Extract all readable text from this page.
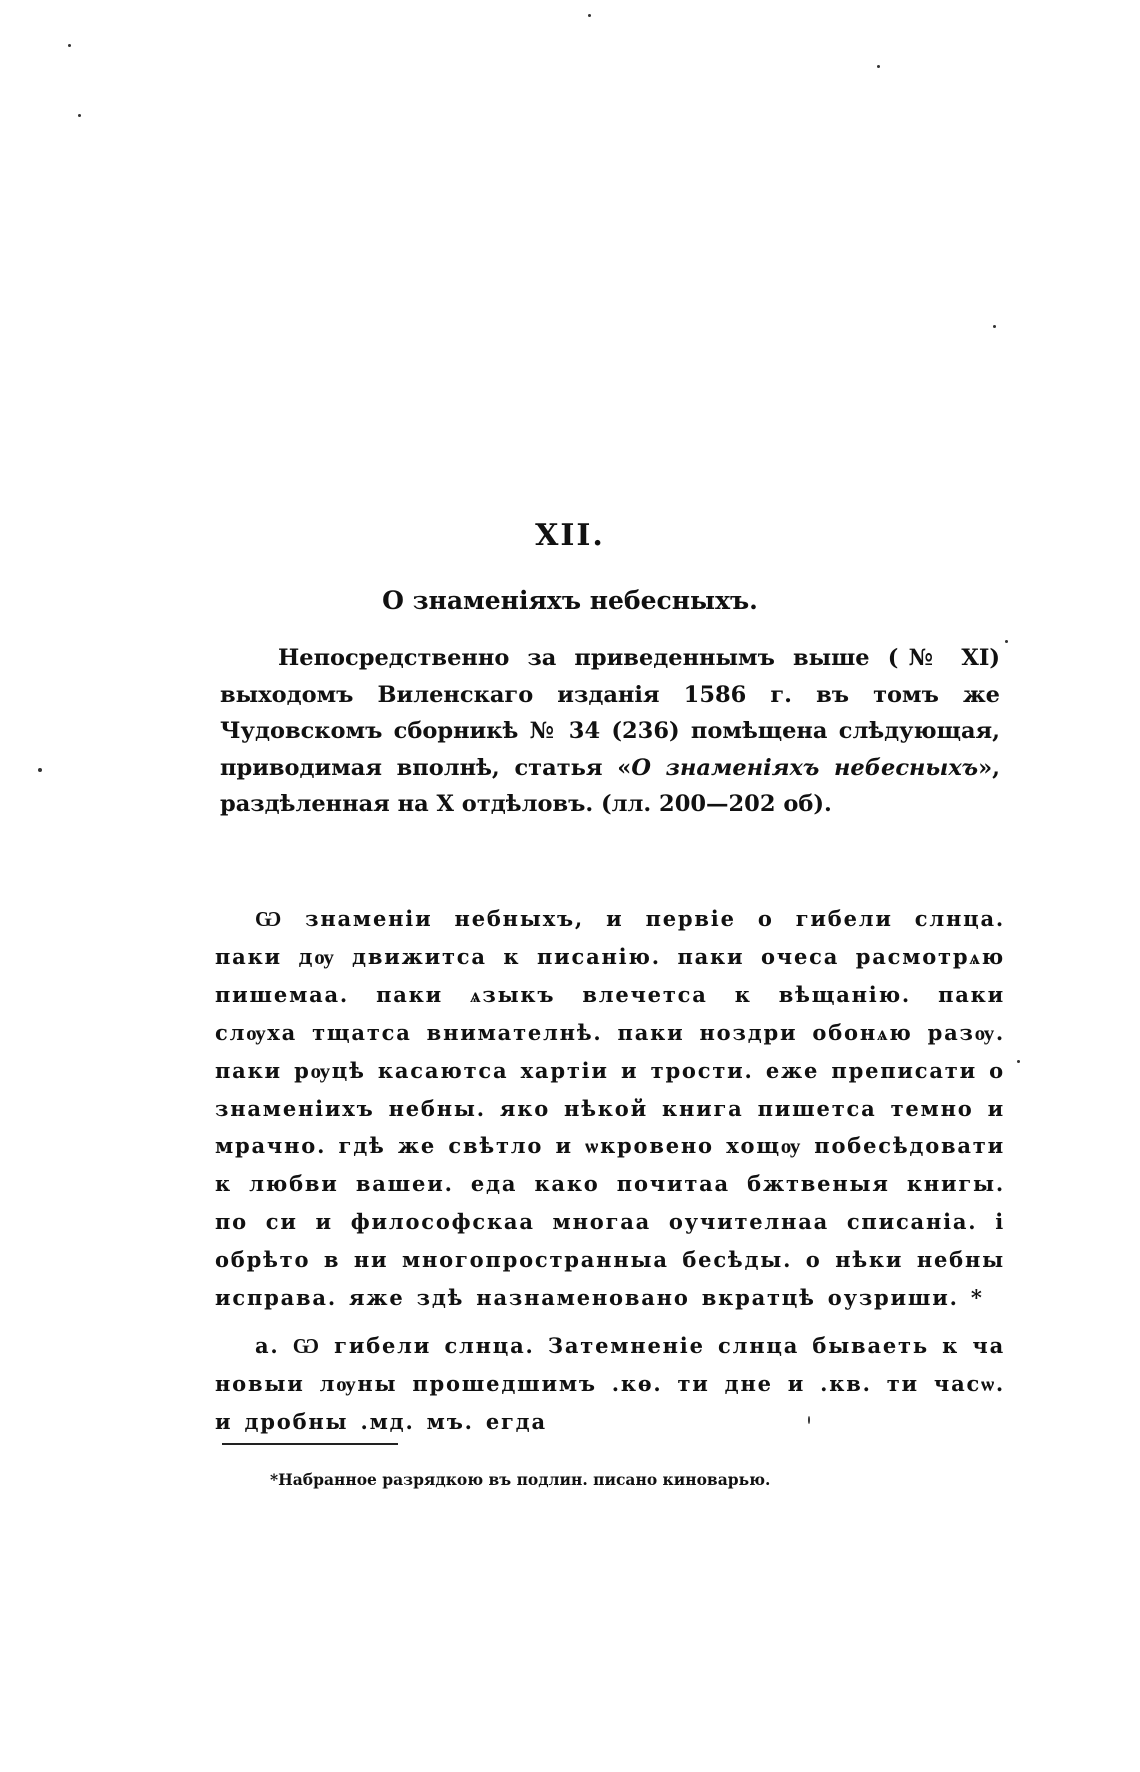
XII.
О знаменіяхъ небесныхъ.

Непосредственно за приведеннымъ выше (№ XI) выходомъ Виленскаго изданія 1586 г. въ томъ же Чудовскомъ сборникѣ № 34 (236) помѣщена слѣдующая, приводимая вполнѣ, статья «О знаменіяхъ небесныхъ», раздѣленная на X отдѣловъ. (лл. 200—202 об).

Ѡ знаменіи небныхъ, и первіе о гибели слнца. паки дѹ движитса к писанію. паки очеса расмотрѧю пишемаа. паки ѧзыкъ влечетса к вѣщанію. паки слѹха тщатса внимателнѣ. паки ноздри обонѧю разѹ. паки рѹцѣ касаютса хартіи и трости. еже преписати о знаменіихъ небны. яко нѣкой книга пишетса темно и мрачно. гдѣ же свѣтло и ѡкровено хощѹ побесѣдовати к любви вашеи. еда како почитаа бжтвеныя книгы. по си и философскаа многаа оучителнаа списаніа. і обрѣто в ни многопространныа бесѣды. о нѣки небны исправа. яже здѣ назнаменовано вкратцѣ оузриши. *

а. Ѡ гибели слнца. Затемненіе слнца бываеть к ча новыи лѹны прошедшимъ .кѳ. ти дне и .кв. ти часѡ. и дробны .мд. мъ. егда

*Набранное разрядкою въ подлин. писано киноварью.
